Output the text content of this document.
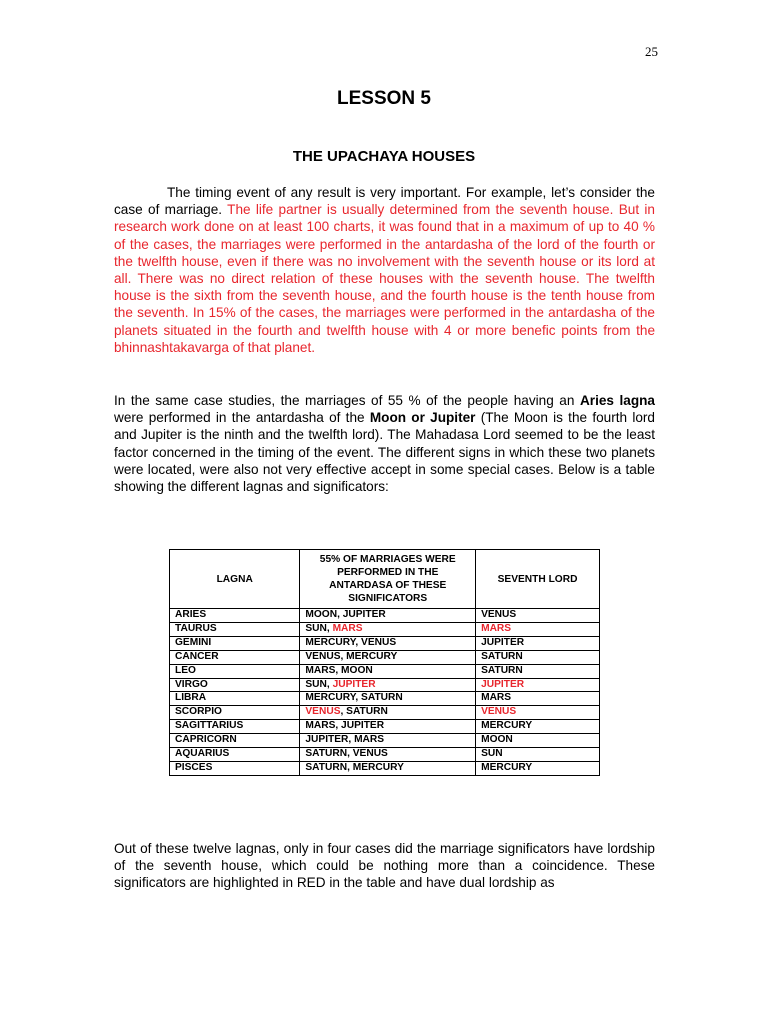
25
LESSON 5
THE UPACHAYA HOUSES

The timing event of any result is very important. For example, let’s consider the case of marriage. The life partner is usually determined from the seventh house. But in research work done on at least 100 charts, it was found that in a maximum of up to 40 % of the cases, the marriages were performed in the antardasha of the lord of the fourth or the twelfth house, even if there was no involvement with the seventh house or its lord at all. There was no direct relation of these houses with the seventh house. The twelfth house is the sixth from the seventh house, and the fourth house is the tenth house from the seventh. In 15% of the cases, the marriages were performed in the antardasha of the planets situated in the fourth and twelfth house with 4 or more benefic points from the bhinnashtakavarga of that planet.

In the same case studies, the marriages of 55 % of the people having an Aries lagna were performed in the antardasha of the Moon or Jupiter (The Moon is the fourth lord and Jupiter is the ninth and the twelfth lord). The Mahadasa Lord seemed to be the least factor concerned in the timing of the event. The different signs in which these two planets were located, were also not very effective accept in some special cases. Below is a table showing the different lagnas and significators:

LAGNA	55% OF MARRIAGES WERE PERFORMED IN THE ANTARDASA OF THESE SIGNIFICATORS	SEVENTH LORD
ARIES	MOON, JUPITER	VENUS
TAURUS	SUN, MARS	MARS
GEMINI	MERCURY, VENUS	JUPITER
CANCER	VENUS, MERCURY	SATURN
LEO	MARS, MOON	SATURN
VIRGO	SUN, JUPITER	JUPITER
LIBRA	MERCURY, SATURN	MARS
SCORPIO	VENUS, SATURN	VENUS
SAGITTARIUS	MARS, JUPITER	MERCURY
CAPRICORN	JUPITER, MARS	MOON
AQUARIUS	SATURN, VENUS	SUN
PISCES	SATURN, MERCURY	MERCURY

Out of these twelve lagnas, only in four cases did the marriage significators have lordship of the seventh house, which could be nothing more than a coincidence. These significators are highlighted in RED in the table and have dual lordship as
